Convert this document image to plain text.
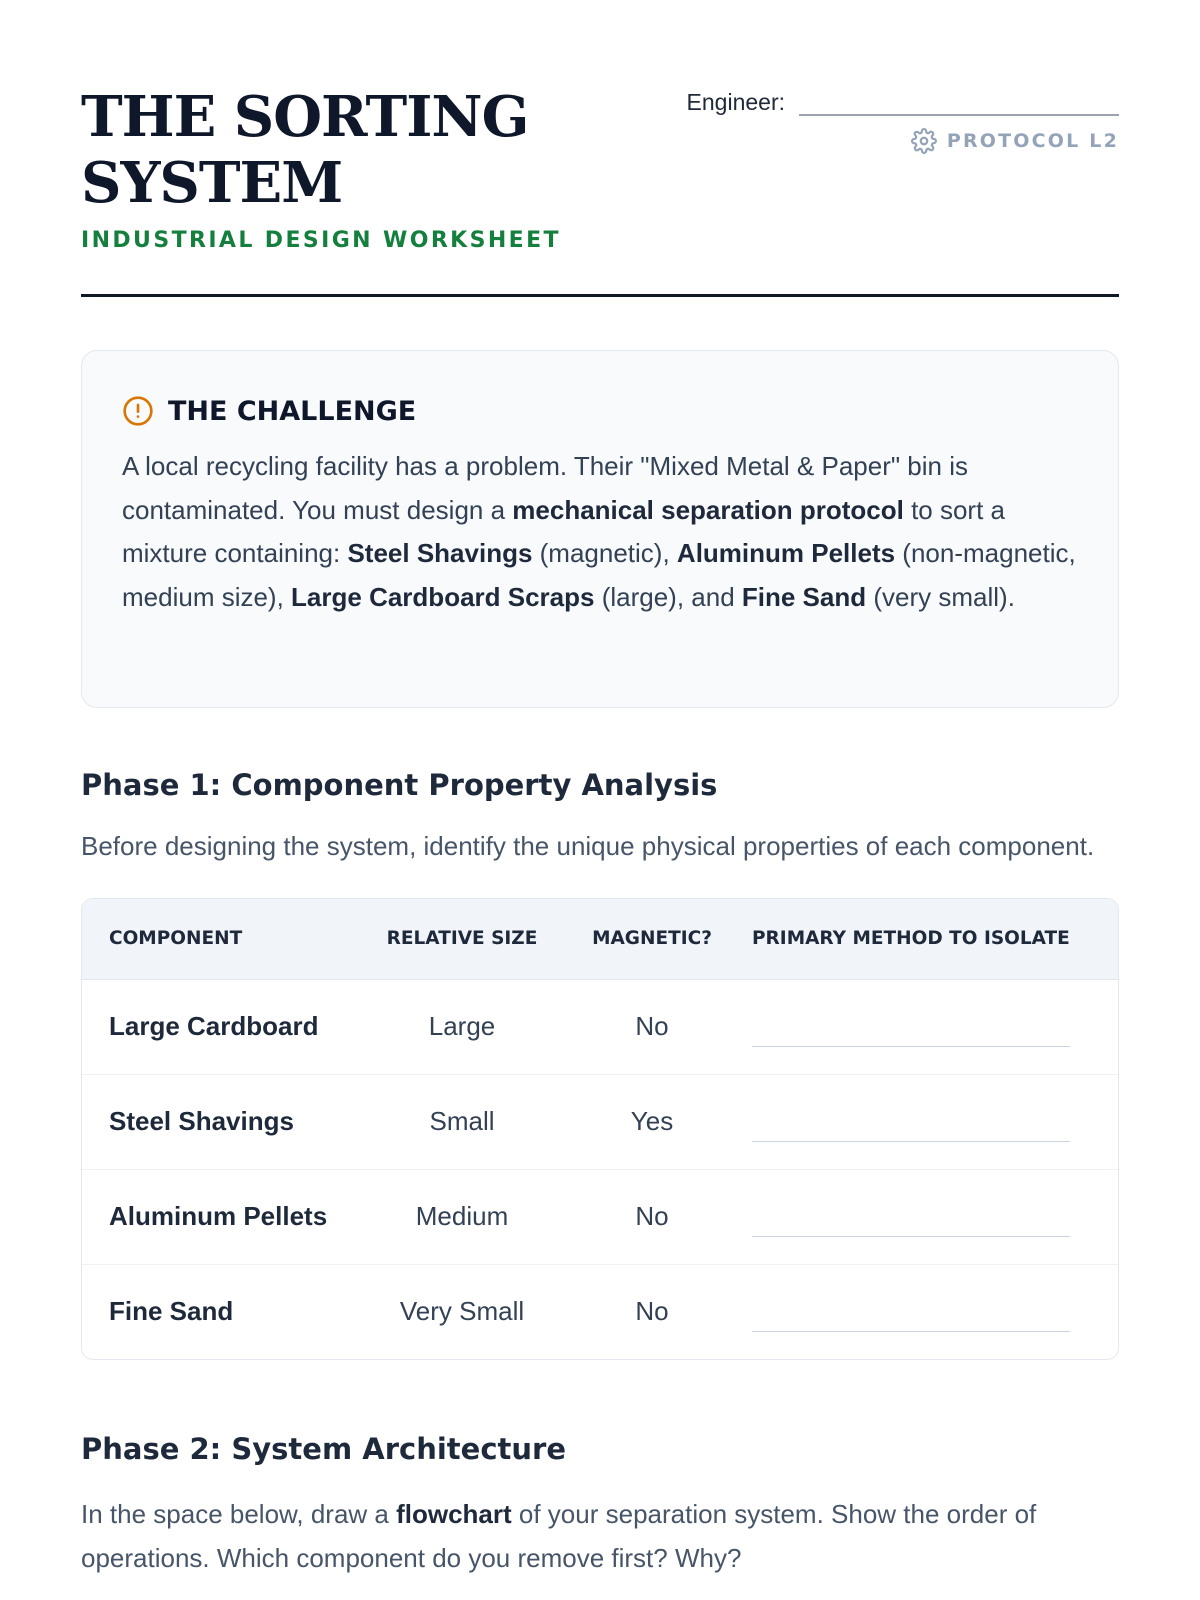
THE SORTING
SYSTEM
INDUSTRIAL DESIGN WORKSHEET
Engineer:
PROTOCOL L2
THE CHALLENGE

A local recycling facility has a problem. Their "Mixed Metal & Paper" bin is contaminated. You must design a mechanical separation protocol to sort a mixture containing: Steel Shavings (magnetic), Aluminum Pellets (non-magnetic, medium size), Large Cardboard Scraps (large), and Fine Sand (very small).

Phase 1: Component Property Analysis

Before designing the system, identify the unique physical properties of each component.

COMPONENT	RELATIVE SIZE	MAGNETIC?	PRIMARY METHOD TO ISOLATE
Large Cardboard	Large	No	

Steel Shavings	Small	Yes	

Aluminum Pellets	Medium	No	

Fine Sand	Very Small	No	
Phase 2: System Architecture

In the space below, draw a flowchart of your separation system. Show the order of operations. Which component do you remove first? Why?
